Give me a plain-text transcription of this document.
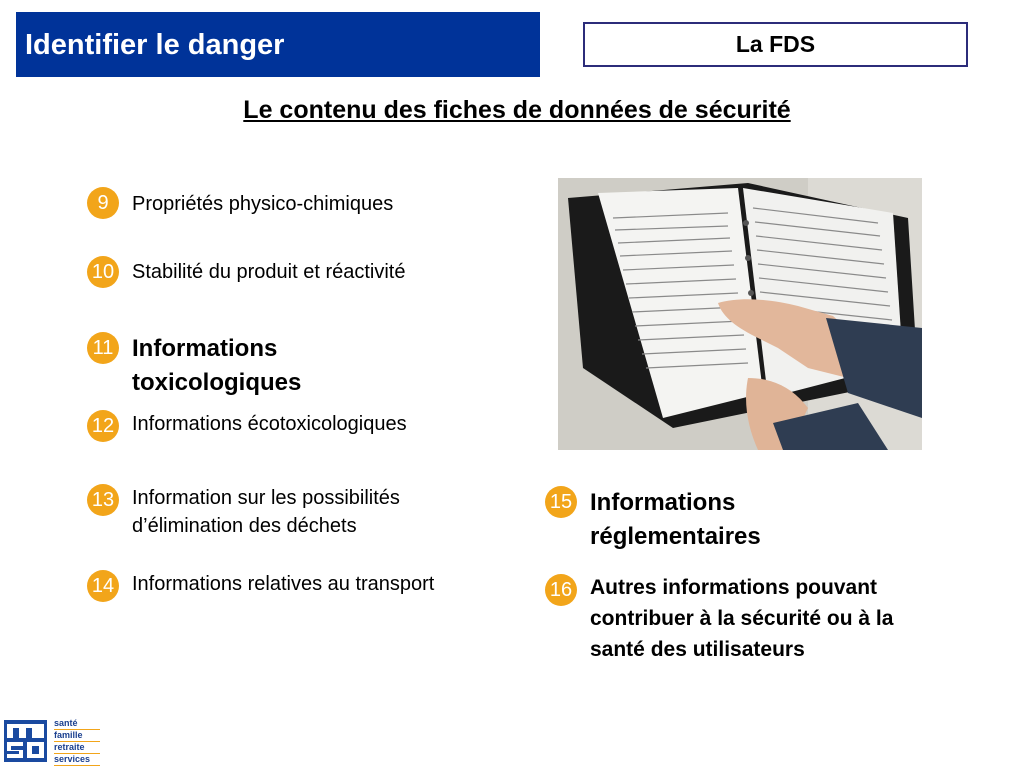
Identifier le danger	La FDS
Le contenu des fiches de données de sécurité
9	Propriétés physico-chimiques
10 Stabilité du produit et réactivité
11 Informations toxicologiques
12 Informations écotoxicologiques
13 Information sur les possibilités d’élimination des déchets
14 Informations relatives au transport
15 Informations réglementaires
16 Autres informations pouvant contribuer à la sécurité ou à la santé des utilisateurs
santé
famille
retraite
services
